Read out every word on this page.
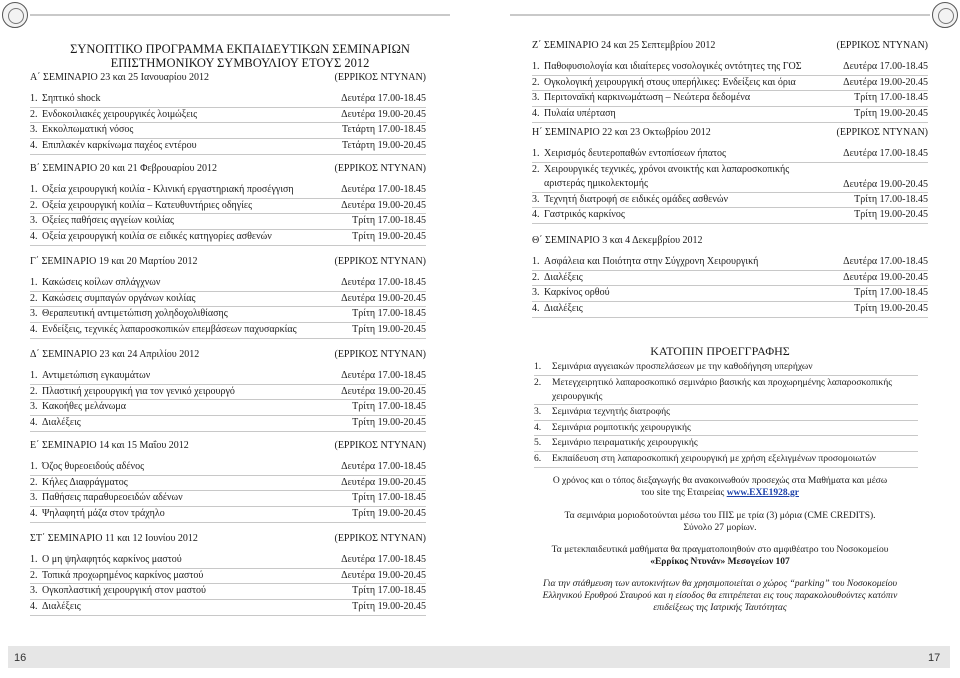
ΣΥΝΟΠΤΙΚΟ ΠΡΟΓΡΑΜΜΑ ΕΚΠΑΙΔΕΥΤΙΚΩΝ ΣΕΜΙΝΑΡΙΩΝ
ΕΠΙΣΤΗΜΟΝΙΚΟΥ ΣΥΜΒΟΥΛΙΟΥ ΕΤΟΥΣ 2012
Α΄ ΣΕΜΙΝΑΡΙΟ 23 και 25 Ιανουαρίου 2012	(ΕΡΡΙΚΟΣ ΝΤΥΝΑΝ)
1. Σηπτικό shock	Δευτέρα 17.00-18.45
2. Ενδοκοιλιακές χειρουργικές λοιμώξεις	Δευτέρα 19.00-20.45
3. Εκκολπωματική νόσος	Τετάρτη 17.00-18.45
4. Επιπλακέν καρκίνωμα παχέος εντέρου	Τετάρτη 19.00-20.45
Β΄ ΣΕΜΙΝΑΡΙΟ 20 και 21 Φεβρουαρίου 2012	(ΕΡΡΙΚΟΣ ΝΤΥΝΑΝ)
1. Οξεία χειρουργική κοιλία - Κλινική εργαστηριακή προσέγγιση	Δευτέρα 17.00-18.45
2. Οξεία χειρουργική κοιλία – Κατευθυντήριες οδηγίες	Δευτέρα 19.00-20.45
3. Οξείες παθήσεις αγγείων κοιλίας	Τρίτη 17.00-18.45
4. Οξεία χειρουργική κοιλία σε ειδικές κατηγορίες ασθενών	Τρίτη 19.00-20.45
Γ΄ ΣΕΜΙΝΑΡΙΟ 19 και 20 Μαρτίου 2012	(ΕΡΡΙΚΟΣ ΝΤΥΝΑΝ)
1. Κακώσεις κοίλων σπλάγχνων	Δευτέρα 17.00-18.45
2. Κακώσεις συμπαγών οργάνων κοιλίας	Δευτέρα 19.00-20.45
3. Θεραπευτική αντιμετώπιση χοληδοχολιθίασης	Τρίτη 17.00-18.45
4. Ενδείξεις, τεχνικές λαπαροσκοπικών επεμβάσεων παχυσαρκίας	Τρίτη 19.00-20.45
Δ΄ ΣΕΜΙΝΑΡΙΟ 23 και 24 Απριλίου 2012	(ΕΡΡΙΚΟΣ ΝΤΥΝΑΝ)
1. Αντιμετώπιση εγκαυμάτων	Δευτέρα 17.00-18.45
2. Πλαστική χειρουργική για τον γενικό χειρουργό	Δευτέρα 19.00-20.45
3. Κακοήθες μελάνωμα	Τρίτη 17.00-18.45
4. Διαλέξεις	Τρίτη 19.00-20.45
Ε΄ ΣΕΜΙΝΑΡΙΟ 14 και 15 Μαΐου 2012	(ΕΡΡΙΚΟΣ ΝΤΥΝΑΝ)
1. Όζος θυρεοειδούς αδένος	Δευτέρα 17.00-18.45
2. Κήλες Διαφράγματος	Δευτέρα 19.00-20.45
3. Παθήσεις παραθυρεοειδών αδένων	Τρίτη 17.00-18.45
4. Ψηλαφητή μάζα στον τράχηλο	Τρίτη 19.00-20.45
ΣΤ΄ ΣΕΜΙΝΑΡΙΟ 11 και 12 Ιουνίου 2012	(ΕΡΡΙΚΟΣ ΝΤΥΝΑΝ)
1. Ο μη ψηλαφητός καρκίνος μαστού	Δευτέρα 17.00-18.45
2. Τοπικά προχωρημένος καρκίνος μαστού	Δευτέρα 19.00-20.45
3. Ογκοπλαστική χειρουργική στον μαστού	Τρίτη 17.00-18.45
4. Διαλέξεις	Τρίτη 19.00-20.45
16
Ζ΄ ΣΕΜΙΝΑΡΙΟ 24 και 25 Σεπτεμβρίου 2012	(ΕΡΡΙΚΟΣ ΝΤΥΝΑΝ)
1. Παθοφυσιολογία και ιδιαίτερες νοσολογικές οντότητες της ΓΟΣ	Δευτέρα 17.00-18.45
2. Ογκολογική χειρουργική στους υπερήλικες: Ενδείξεις και όρια	Δευτέρα 19.00-20.45
3. Περιτοναϊκή καρκινωμάτωση – Νεώτερα δεδομένα	Τρίτη 17.00-18.45
4. Πυλαία υπέρταση	Τρίτη 19.00-20.45
Η΄ ΣΕΜΙΝΑΡΙΟ 22 και 23 Οκτωβρίου 2012	(ΕΡΡΙΚΟΣ ΝΤΥΝΑΝ)
1. Χειρισμός δευτεροπαθών εντοπίσεων ήπατος	Δευτέρα 17.00-18.45
2. Χειρουργικές τεχνικές, χρόνοι ανοικτής και λαπαροσκοπικής αριστεράς ημικολεκτομής	Δευτέρα 19.00-20.45
3. Τεχνητή διατροφή σε ειδικές ομάδες ασθενών	Τρίτη 17.00-18.45
4. Γαστρικός καρκίνος	Τρίτη 19.00-20.45
Θ΄ ΣΕΜΙΝΑΡΙΟ 3 και 4 Δεκεμβρίου 2012
1. Ασφάλεια και Ποιότητα στην Σύγχρονη Χειρουργική	Δευτέρα 17.00-18.45
2. Διαλέξεις	Δευτέρα 19.00-20.45
3. Καρκίνος ορθού	Τρίτη 17.00-18.45
4. Διαλέξεις	Τρίτη 19.00-20.45
ΚΑΤΟΠΙΝ ΠΡΟΕΓΓΡΑΦΗΣ
1. Σεμινάρια αγγειακών προσπελάσεων με την καθοδήγηση υπερήχων
2. Μετεγχειρητικό λαπαροσκοπικό σεμινάριο βασικής και προχωρημένης λαπαροσκοπικής χειρουργικής
3. Σεμινάρια τεχνητής διατροφής
4. Σεμινάρια ρομποτικής χειρουργικής
5. Σεμινάριο πειραματικής χειρουργικής
6. Εκπαίδευση στη λαπαροσκοπική χειρουργική με χρήση εξελιγμένων προσομοιωτών
Ο χρόνος και ο τόπος διεξαγωγής θα ανακοινωθούν προσεχώς στα Μαθήματα και μέσω
του site της Εταιρείας www.EXE1928.gr
Τα σεμινάρια μοριοδοτούνται μέσω του ΠΙΣ με τρία (3) μόρια (CME CREDITS).
Σύνολο 27 μορίων.
Τα μετεκπαιδευτικά μαθήματα θα πραγματοποιηθούν στο αμφιθέατρο του Νοσοκομείου
«Ερρίκος Ντυνάν» Μεσογείων 107
Για την στάθμευση των αυτοκινήτων θα χρησιμοποιείται ο χώρος “parking” του Νοσοκομείου
Ελληνικού Ερυθρού Σταυρού και η είσοδος θα επιτρέπεται εις τους παρακολουθούντες κατόπιν
επιδείξεως της Ιατρικής Ταυτότητας
17
